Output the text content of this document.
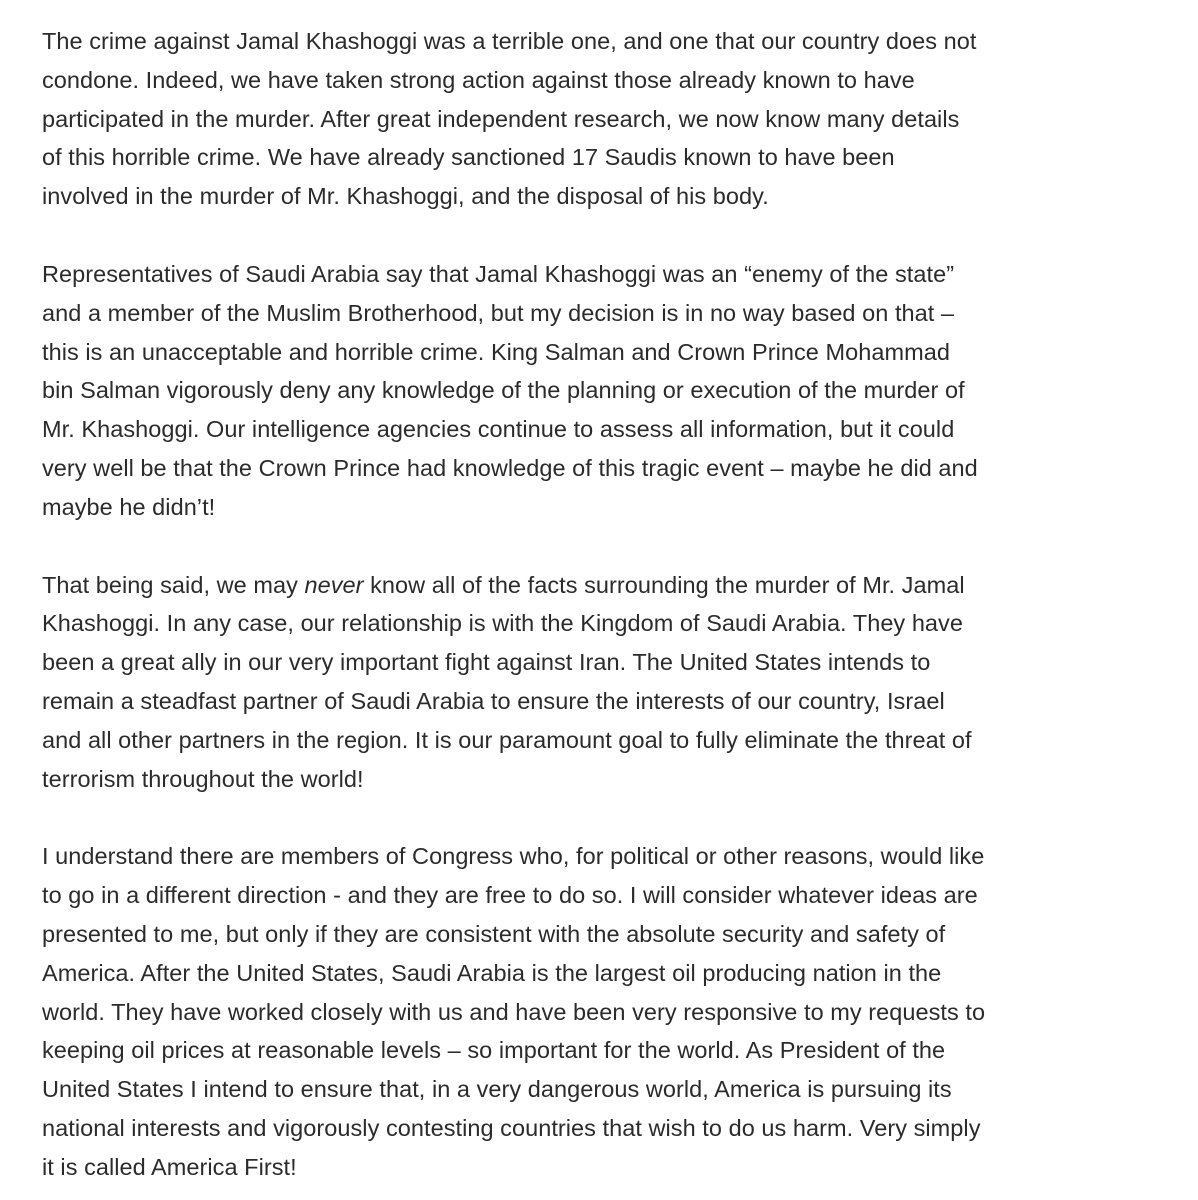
The crime against Jamal Khashoggi was a terrible one, and one that our country does not
condone. Indeed, we have taken strong action against those already known to have
participated in the murder. After great independent research, we now know many details
of this horrible crime. We have already sanctioned 17 Saudis known to have been
involved in the murder of Mr. Khashoggi, and the disposal of his body.

Representatives of Saudi Arabia say that Jamal Khashoggi was an “enemy of the state”
and a member of the Muslim Brotherhood, but my decision is in no way based on that –
this is an unacceptable and horrible crime. King Salman and Crown Prince Mohammad
bin Salman vigorously deny any knowledge of the planning or execution of the murder of
Mr. Khashoggi. Our intelligence agencies continue to assess all information, but it could
very well be that the Crown Prince had knowledge of this tragic event – maybe he did and
maybe he didn’t!

That being said, we may never know all of the facts surrounding the murder of Mr. Jamal
Khashoggi. In any case, our relationship is with the Kingdom of Saudi Arabia. They have
been a great ally in our very important fight against Iran. The United States intends to
remain a steadfast partner of Saudi Arabia to ensure the interests of our country, Israel
and all other partners in the region. It is our paramount goal to fully eliminate the threat of
terrorism throughout the world!

I understand there are members of Congress who, for political or other reasons, would like
to go in a different direction - and they are free to do so. I will consider whatever ideas are
presented to me, but only if they are consistent with the absolute security and safety of
America. After the United States, Saudi Arabia is the largest oil producing nation in the
world. They have worked closely with us and have been very responsive to my requests to
keeping oil prices at reasonable levels – so important for the world. As President of the
United States I intend to ensure that, in a very dangerous world, America is pursuing its
national interests and vigorously contesting countries that wish to do us harm. Very simply
it is called America First!
